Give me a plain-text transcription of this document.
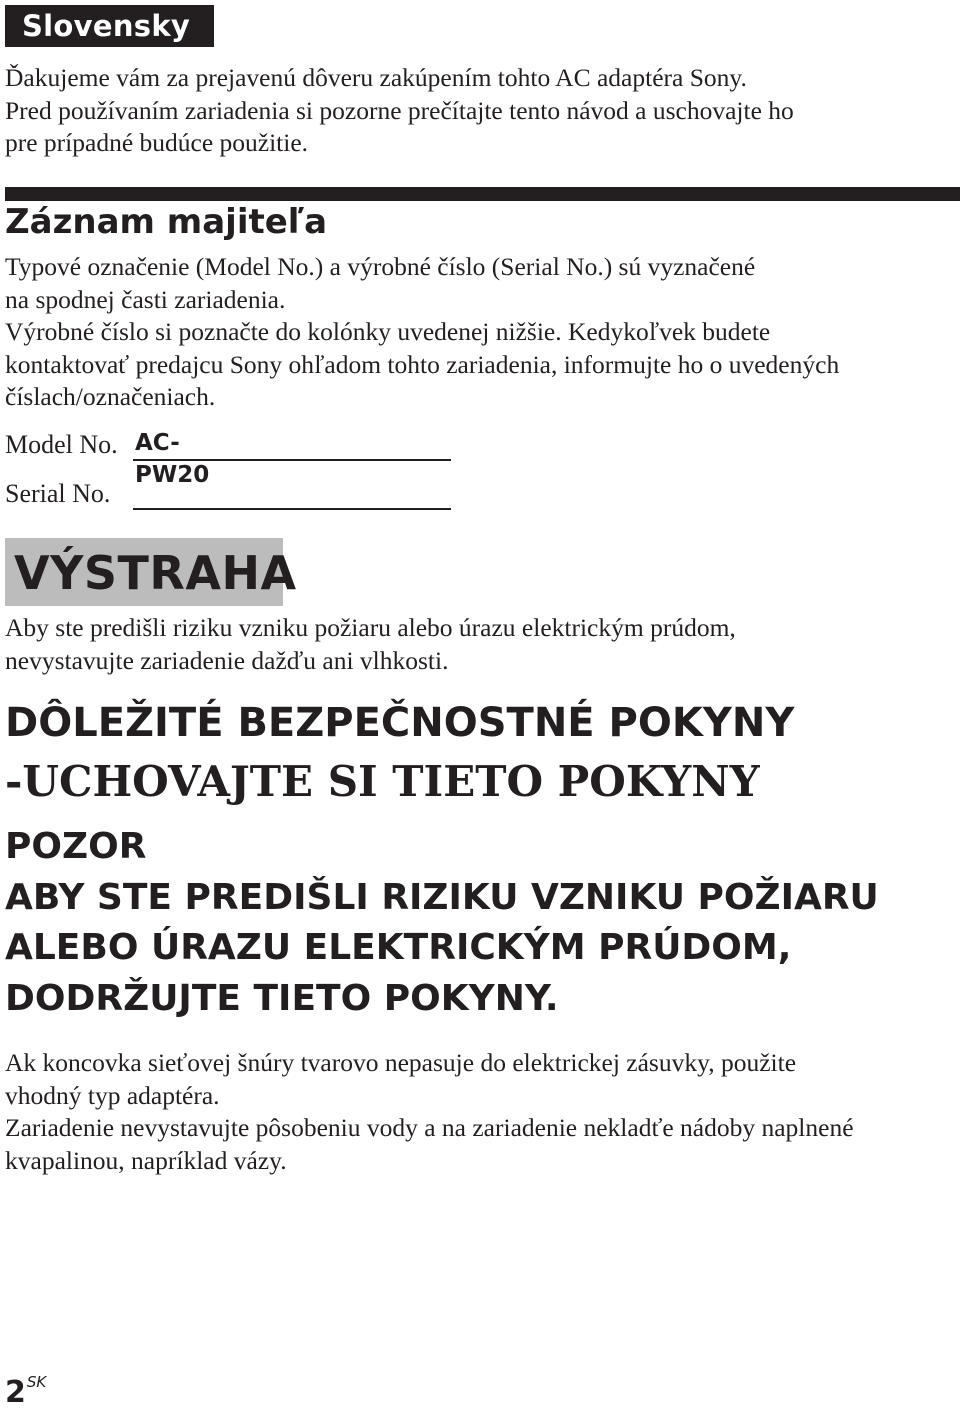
Slovensky

Ďakujeme vám za prejavenú dôveru zakúpením tohto AC adaptéra Sony.
Pred používaním zariadenia si pozorne prečítajte tento návod a uschovajte ho
pre prípadné budúce použitie.

Záznam majiteľa

Typové označenie (Model No.) a výrobné číslo (Serial No.) sú vyznačené
na spodnej časti zariadenia.
Výrobné číslo si poznačte do kolónky uvedenej nižšie. Kedykoľvek budete
kontaktovať predajcu Sony ohľadom tohto zariadenia, informujte ho o uvedených
číslach/označeniach.

Model No. AC-PW20
Serial No.
VÝSTRAHA

Aby ste predišli riziku vzniku požiaru alebo úrazu elektrickým prúdom,
nevystavujte zariadenie dažďu ani vlhkosti.

DÔLEŽITÉ BEZPEČNOSTNÉ POKYNY
-UCHOVAJTE SI TIETO POKYNY
POZOR
ABY STE PREDIŠLI RIZIKU VZNIKU POŽIARU
ALEBO ÚRAZU ELEKTRICKÝM PRÚDOM,
DODRŽUJTE TIETO POKYNY.

Ak koncovka sieťovej šnúry tvarovo nepasuje do elektrickej zásuvky, použite
vhodný typ adaptéra.
Zariadenie nevystavujte pôsobeniu vody a na zariadenie nekladťe nádoby naplnené
kvapalinou, napríklad vázy.

$2^{SK}$
